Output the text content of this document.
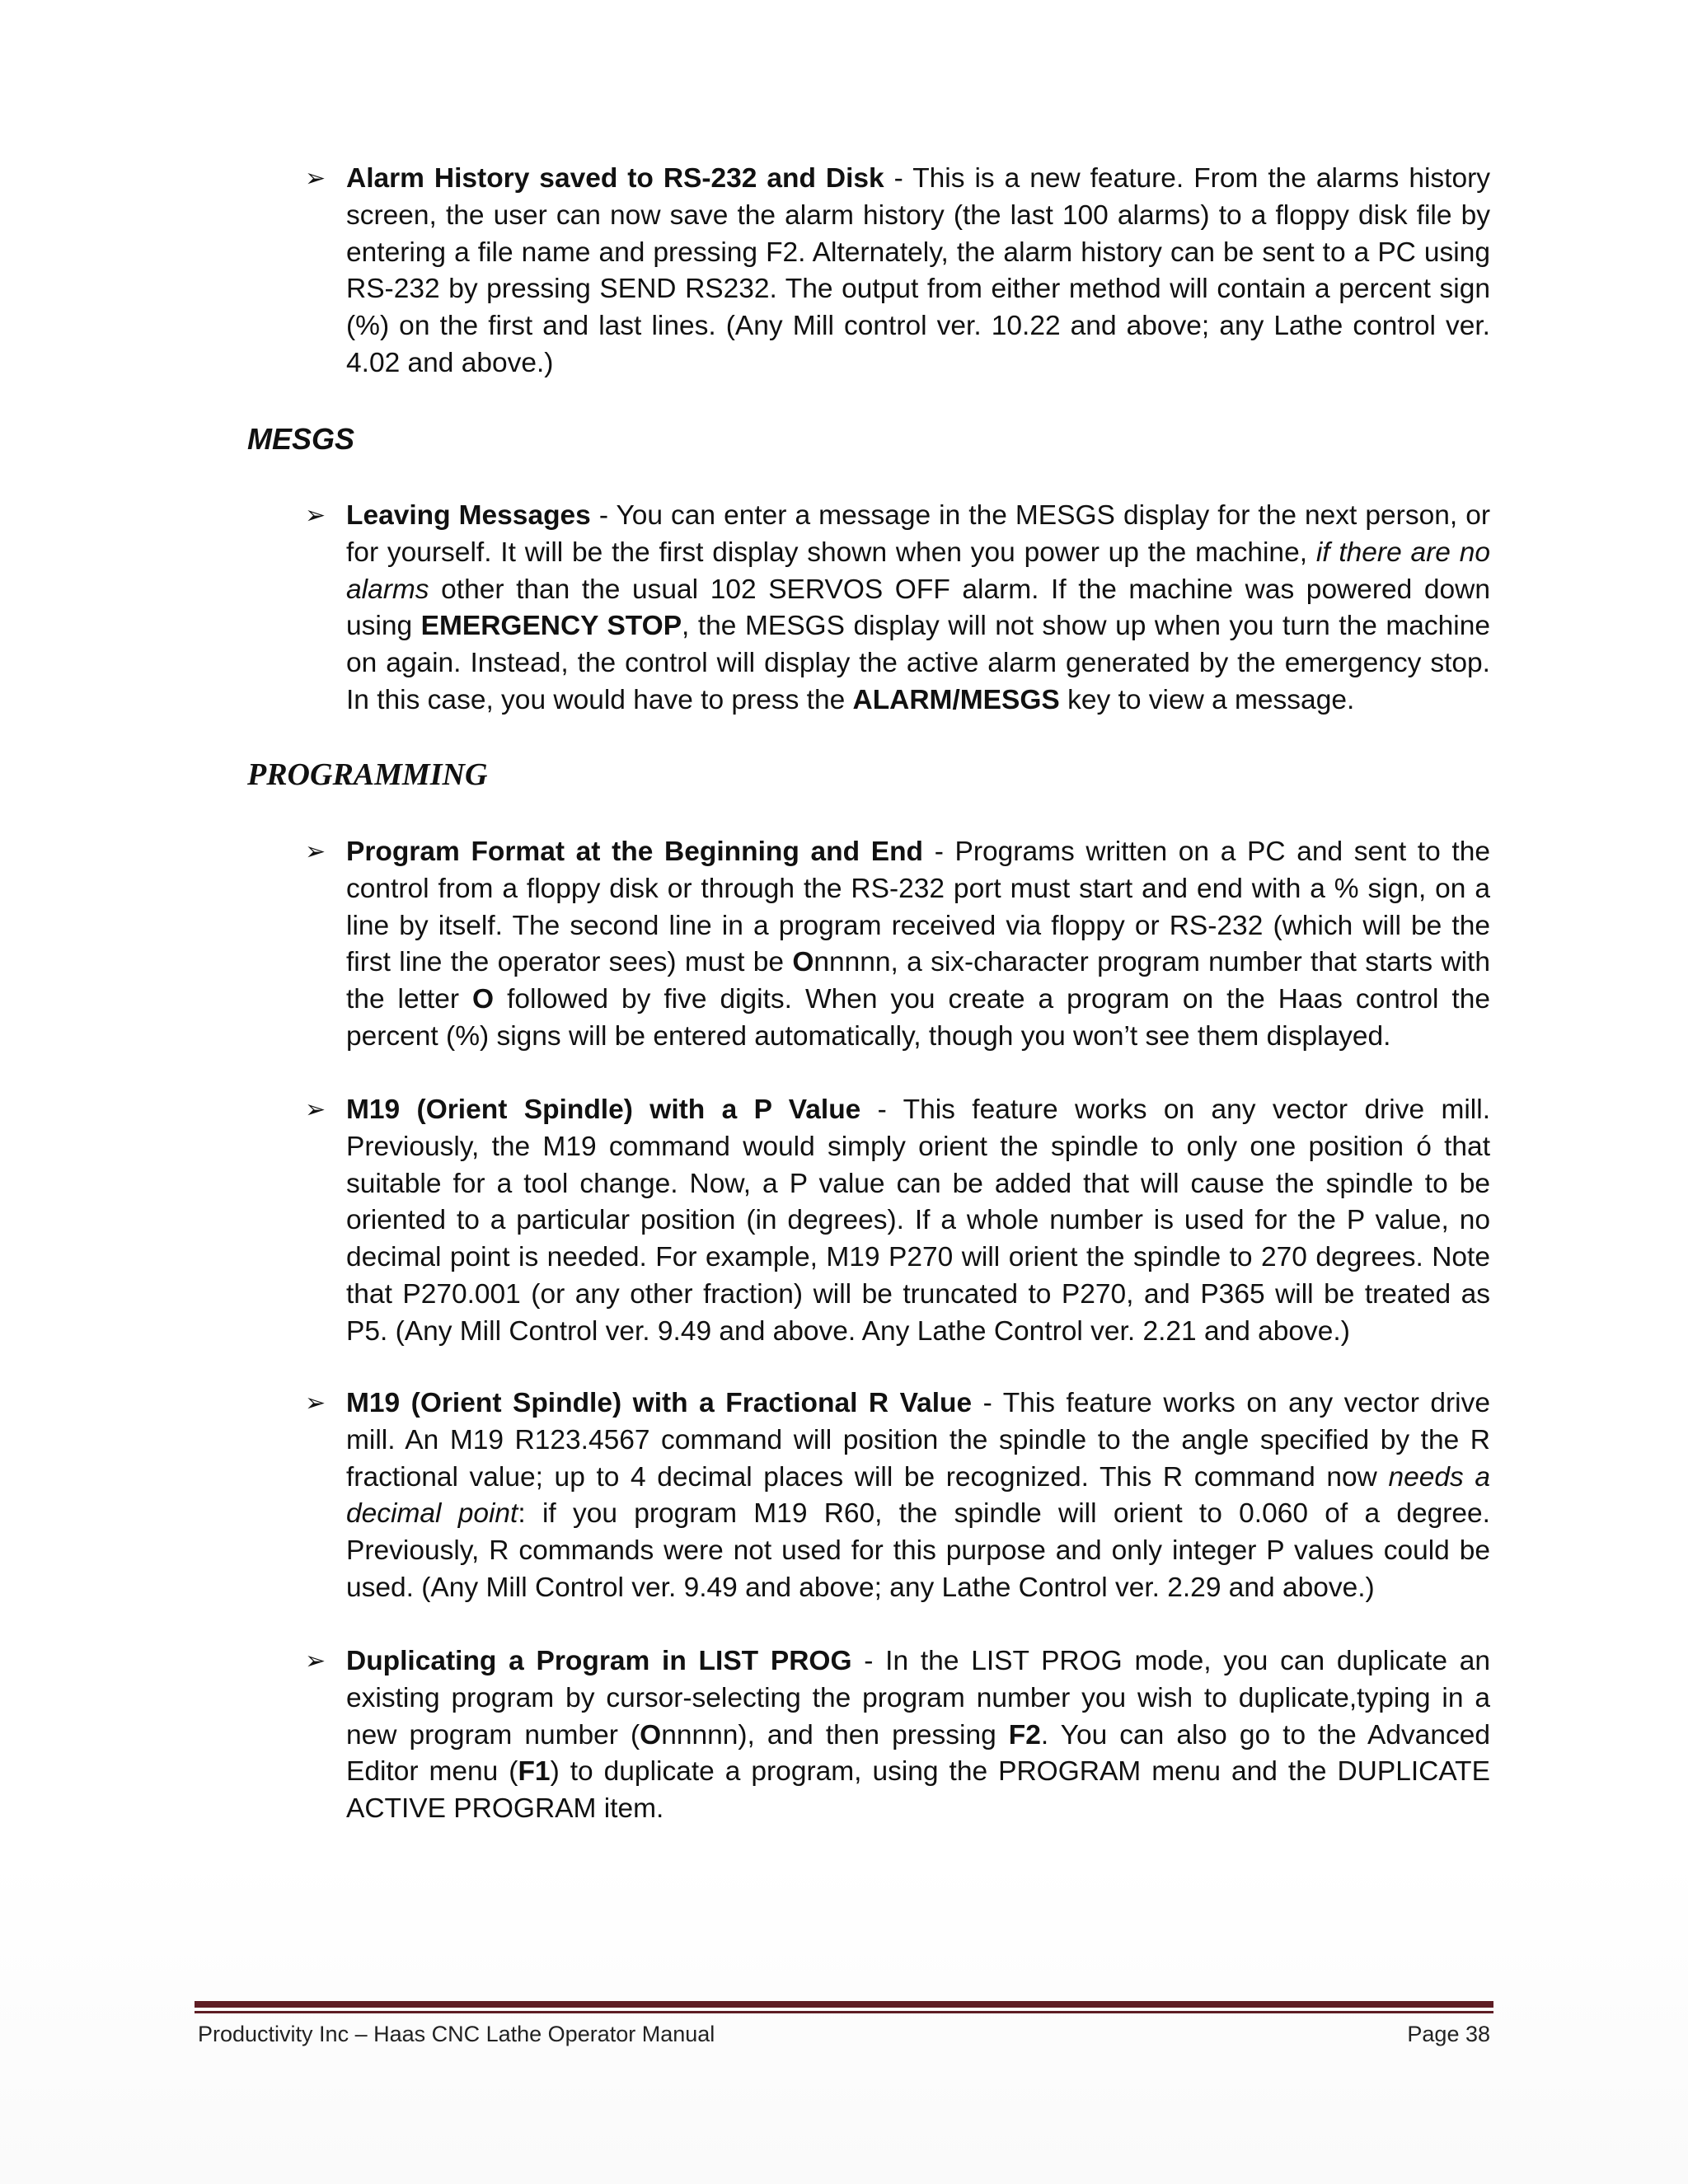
➢ Alarm History saved to RS-232 and Disk - This is a new feature. From the alarms history screen, the user can now save the alarm history (the last 100 alarms) to a floppy disk file by entering a file name and pressing F2. Alternately, the alarm history can be sent to a PC using RS-232 by pressing SEND RS232. The output from either method will contain a percent sign (%) on the first and last lines. (Any Mill control ver. 10.22 and above; any Lathe control ver. 4.02 and above.)
MESGS
➢ Leaving Messages - You can enter a message in the MESGS display for the next person, or for yourself. It will be the first display shown when you power up the machine, if there are no alarms other than the usual 102 SERVOS OFF alarm. If the machine was powered down using EMERGENCY STOP, the MESGS display will not show up when you turn the machine on again. Instead, the control will display the active alarm generated by the emergency stop. In this case, you would have to press the ALARM/MESGS key to view a message.
PROGRAMMING
➢ Program Format at the Beginning and End - Programs written on a PC and sent to the control from a floppy disk or through the RS-232 port must start and end with a % sign, on a line by itself. The second line in a program received via floppy or RS-232 (which will be the first line the operator sees) must be Onnnnn, a six-character program number that starts with the letter O followed by five digits. When you create a program on the Haas control the percent (%) signs will be entered automatically, though you won’t see them displayed.
➢ M19 (Orient Spindle) with a P Value - This feature works on any vector drive mill. Previously, the M19 command would simply orient the spindle to only one position ó that suitable for a tool change. Now, a P value can be added that will cause the spindle to be oriented to a particular position (in degrees). If a whole number is used for the P value, no decimal point is needed. For example, M19 P270 will orient the spindle to 270 degrees. Note that P270.001 (or any other fraction) will be truncated to P270, and P365 will be treated as P5. (Any Mill Control ver. 9.49 and above. Any Lathe Control ver. 2.21 and above.)
➢ M19 (Orient Spindle) with a Fractional R Value - This feature works on any vector drive mill. An M19 R123.4567 command will position the spindle to the angle specified by the R fractional value; up to 4 decimal places will be recognized. This R command now needs a decimal point: if you program M19 R60, the spindle will orient to 0.060 of a degree. Previously, R commands were not used for this purpose and only integer P values could be used. (Any Mill Control ver. 9.49 and above; any Lathe Control ver. 2.29 and above.)
➢ Duplicating a Program in LIST PROG - In the LIST PROG mode, you can duplicate an existing program by cursor-selecting the program number you wish to duplicate,typing in a new program number (Onnnnn), and then pressing F2. You can also go to the Advanced Editor menu (F1) to duplicate a program, using the PROGRAM menu and the DUPLICATE ACTIVE PROGRAM item.
Productivity Inc – Haas CNC Lathe Operator Manual	Page 38
